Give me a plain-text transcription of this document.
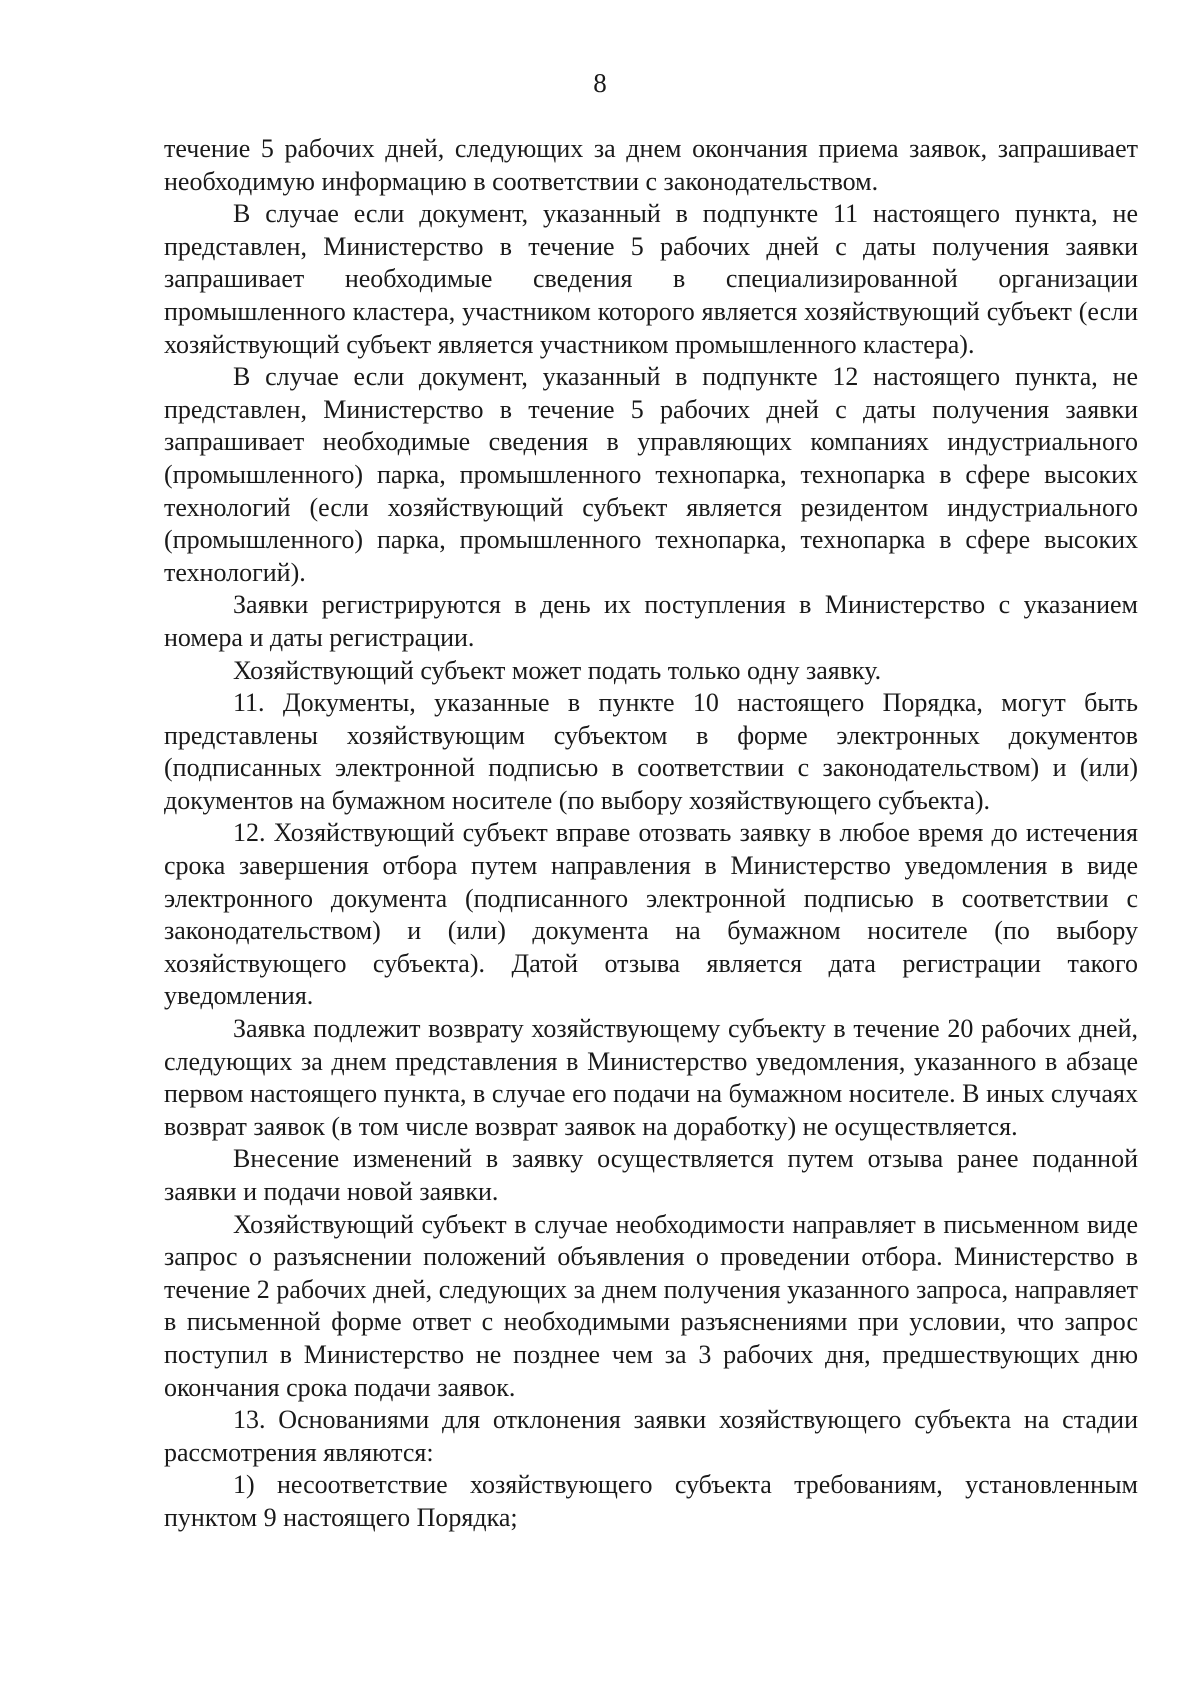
8

течение 5 рабочих дней, следующих за днем окончания приема заявок, запрашивает необходимую информацию в соответствии с законодательством.

В случае если документ, указанный в подпункте 11 настоящего пункта, не представлен, Министерство в течение 5 рабочих дней с даты получения заявки запрашивает необходимые сведения в специализированной организации промышленного кластера, участником которого является хозяйствующий субъект (если хозяйствующий субъект является участником промышленного кластера).

В случае если документ, указанный в подпункте 12 настоящего пункта, не представлен, Министерство в течение 5 рабочих дней с даты получения заявки запрашивает необходимые сведения в управляющих компаниях индустриального (промышленного) парка, промышленного технопарка, технопарка в сфере высоких технологий (если хозяйствующий субъект является резидентом индустриального (промышленного) парка, промышленного технопарка, технопарка в сфере высоких технологий).

Заявки регистрируются в день их поступления в Министерство с указанием номера и даты регистрации.

Хозяйствующий субъект может подать только одну заявку.

11. Документы, указанные в пункте 10 настоящего Порядка, могут быть представлены хозяйствующим субъектом в форме электронных документов (подписанных электронной подписью в соответствии с законодательством) и (или) документов на бумажном носителе (по выбору хозяйствующего субъекта).

12. Хозяйствующий субъект вправе отозвать заявку в любое время до истечения срока завершения отбора путем направления в Министерство уведомления в виде электронного документа (подписанного электронной подписью в соответствии с законодательством) и (или) документа на бумажном носителе (по выбору хозяйствующего субъекта). Датой отзыва является дата регистрации такого уведомления.

Заявка подлежит возврату хозяйствующему субъекту в течение 20 рабочих дней, следующих за днем представления в Министерство уведомления, указанного в абзаце первом настоящего пункта, в случае его подачи на бумажном носителе. В иных случаях возврат заявок (в том числе возврат заявок на доработку) не осуществляется.

Внесение изменений в заявку осуществляется путем отзыва ранее поданной заявки и подачи новой заявки.

Хозяйствующий субъект в случае необходимости направляет в письменном виде запрос о разъяснении положений объявления о проведении отбора. Министерство в течение 2 рабочих дней, следующих за днем получения указанного запроса, направляет в письменной форме ответ с необходимыми разъяснениями при условии, что запрос поступил в Министерство не позднее чем за 3 рабочих дня, предшествующих дню окончания срока подачи заявок.

13. Основаниями для отклонения заявки хозяйствующего субъекта на стадии рассмотрения являются:

1) несоответствие хозяйствующего субъекта требованиям, установленным пунктом 9 настоящего Порядка;
